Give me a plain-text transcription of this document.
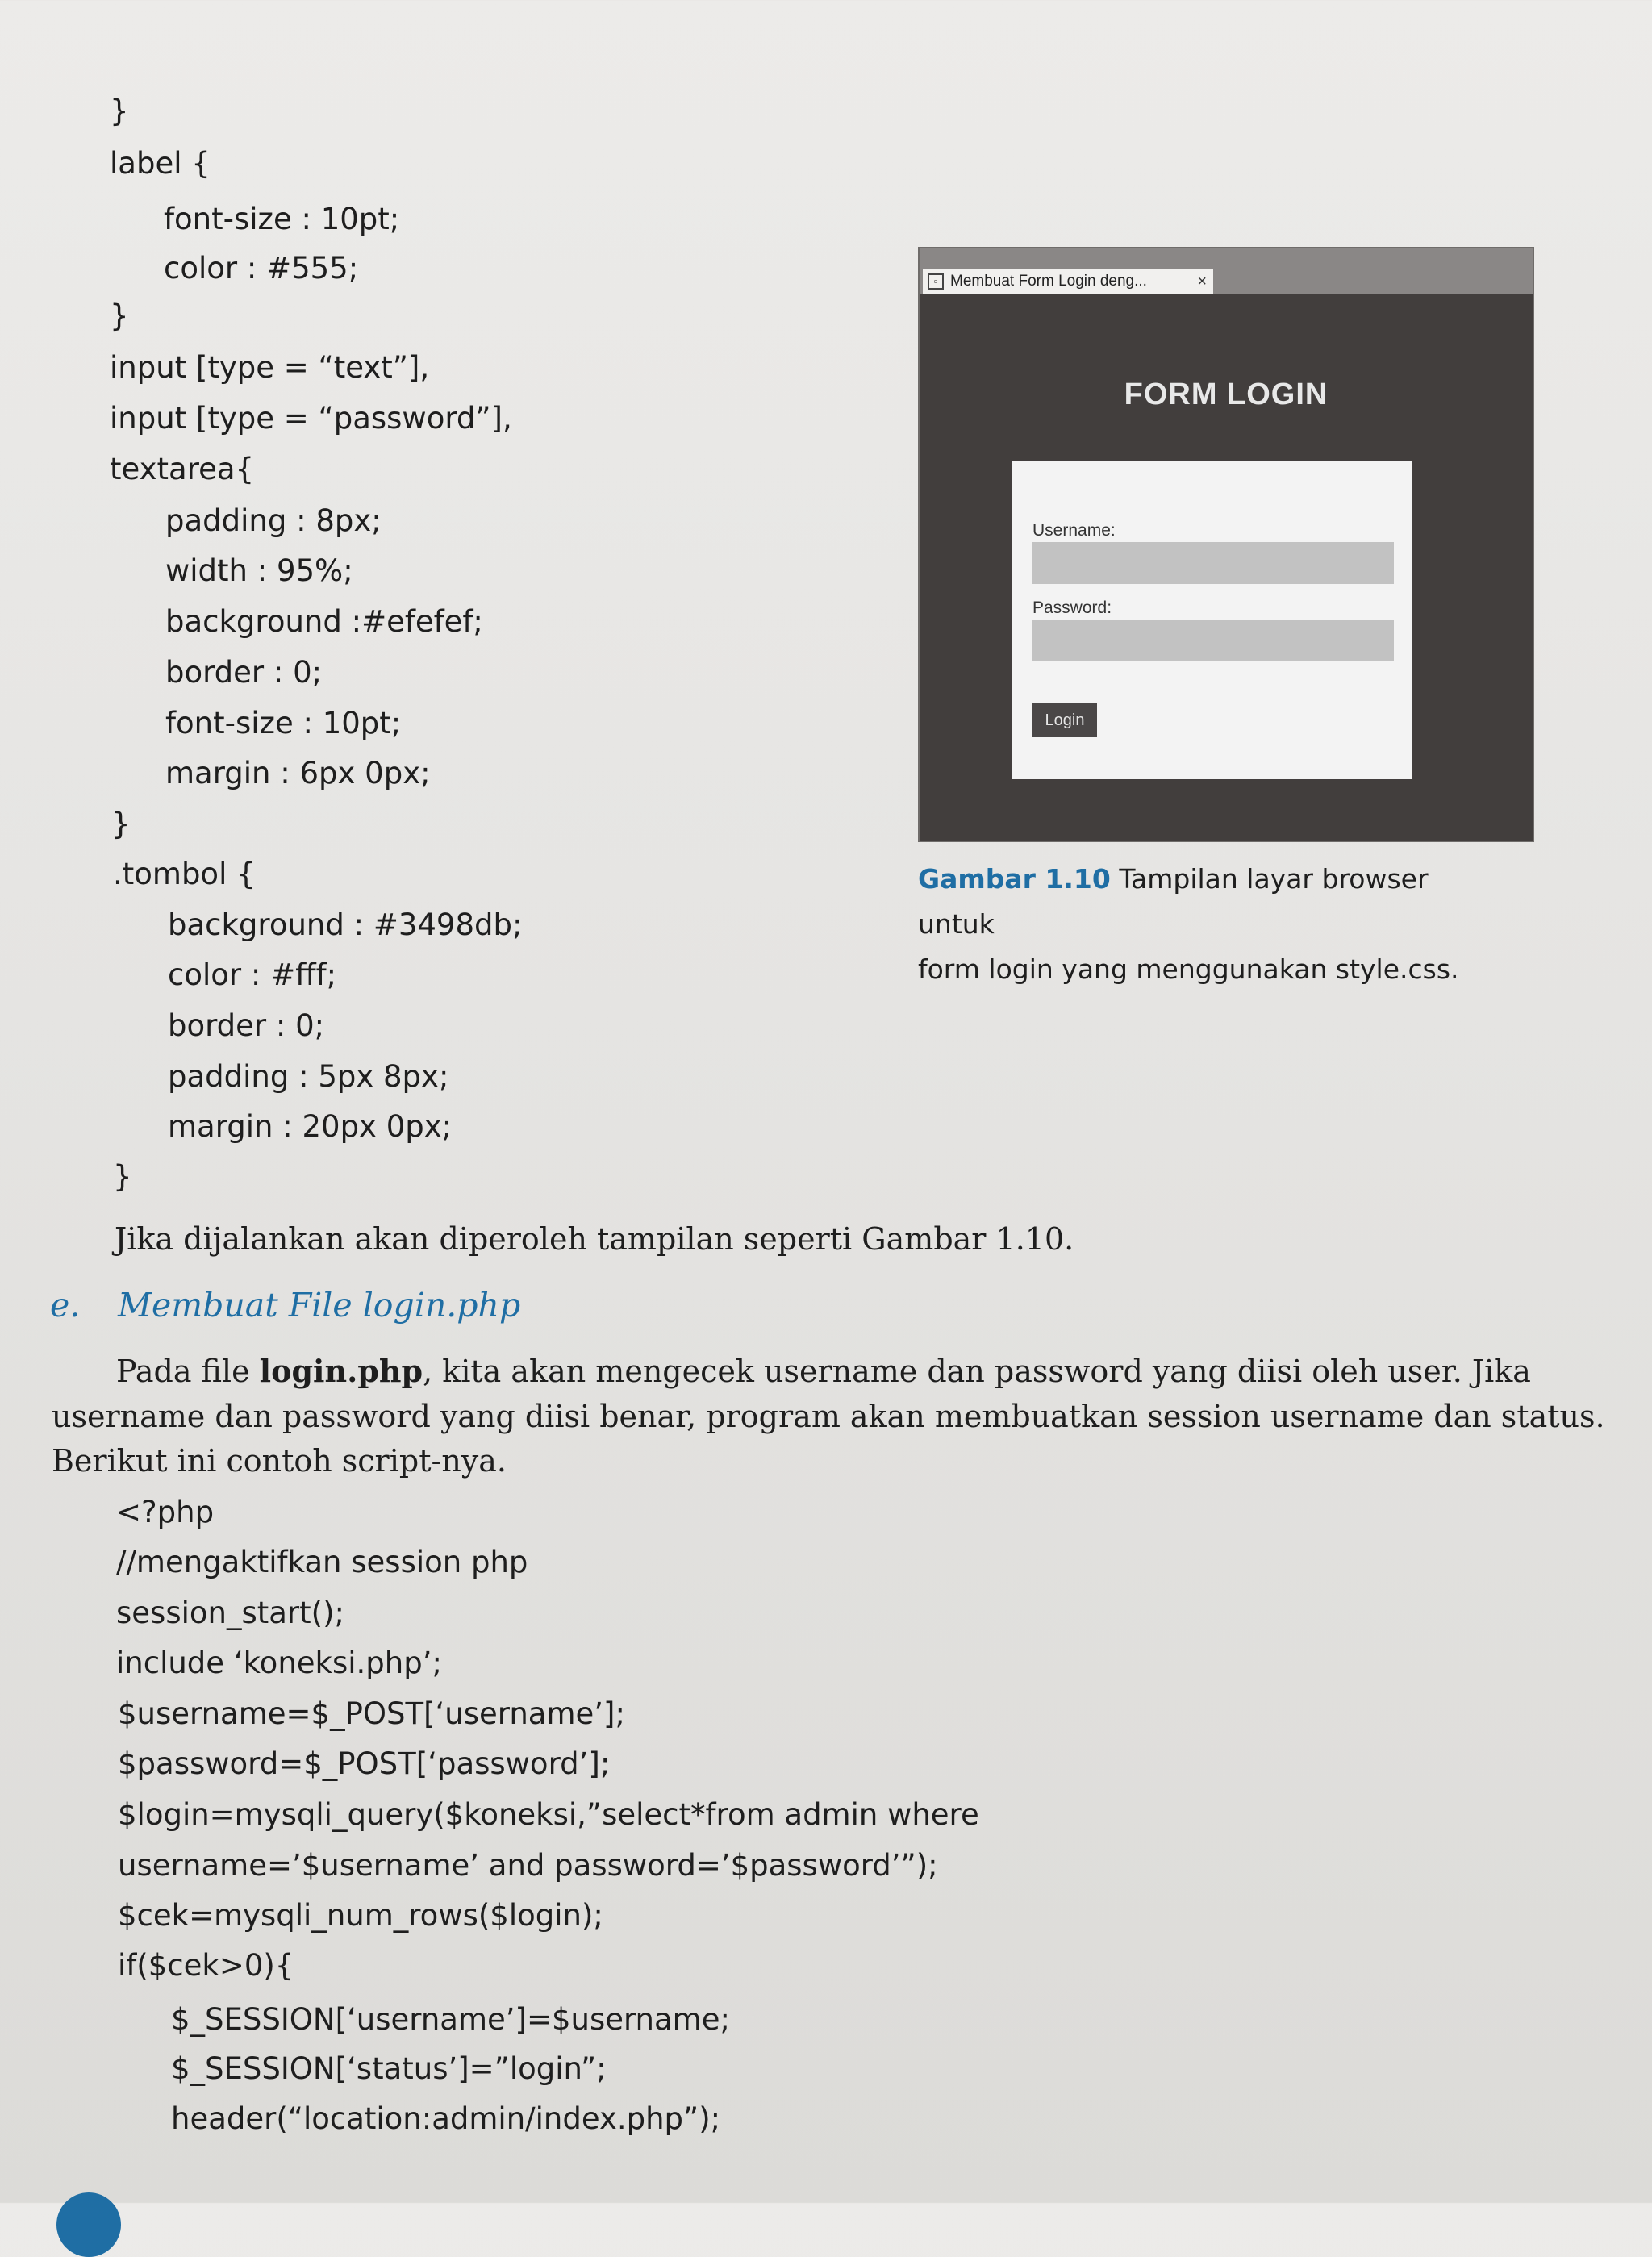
}
label {
font-size : 10pt;
color : #555;
}
input [type = “text”],
input [type = “password”],
textarea{
padding : 8px;
width : 95%;
background :#efefef;
border : 0;
font-size : 10pt;
margin : 6px 0px;
}
.tombol {
background : #3498db;
color : #fff;
border : 0;
padding : 5px 8px;
margin : 20px 0px;
}
▫ Membuat Form Login deng...	×
FORM LOGIN
Username:
Password:
Login
Gambar 1.10 Tampilan layar browser untuk
form login yang menggunakan style.css.
Jika dijalankan akan diperoleh tampilan seperti Gambar 1.10.
e. Membuat File login.php
Pada file login.php, kita akan mengecek username dan password yang diisi oleh user. Jika
username dan password yang diisi benar, program akan membuatkan session username dan status.
Berikut ini contoh script-nya.
<?php
//mengaktifkan session php
session_start();
include ‘koneksi.php’;
$username=$_POST[‘username’];
$password=$_POST[‘password’];
$login=mysqli_query($koneksi,”select*from admin where
username=’$username’ and password=’$password’”);
$cek=mysqli_num_rows($login);
if($cek>0){
$_SESSION[‘username’]=$username;
$_SESSION[‘status’]=”login”;
header(“location:admin/index.php”);
